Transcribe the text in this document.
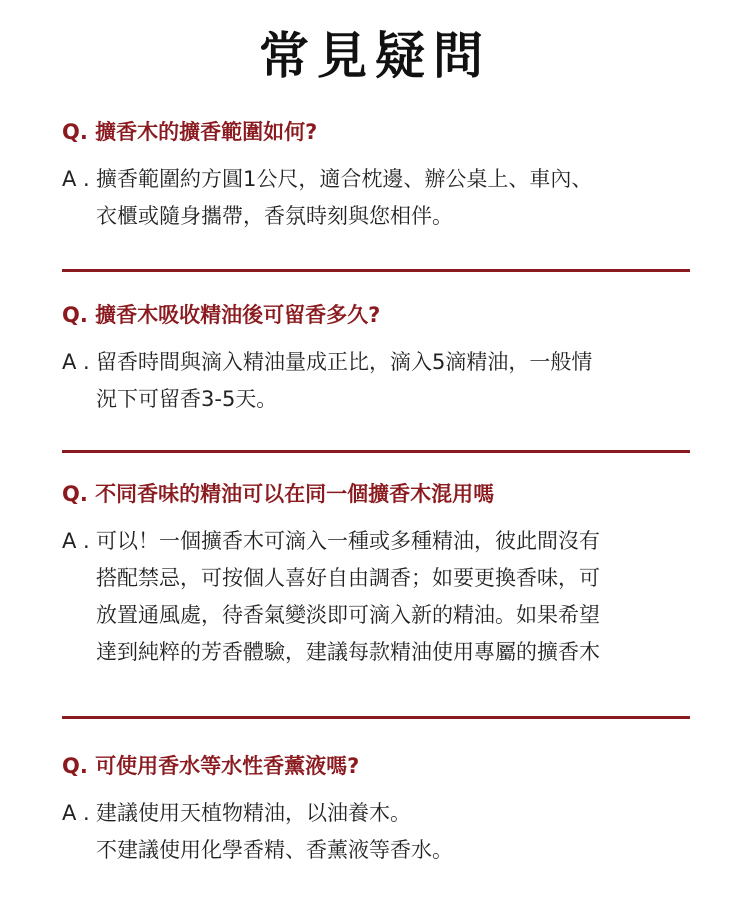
常見疑問
Q. 擴香木的擴香範圍如何?
A . 擴香範圍約方圓1公尺，適合枕邊、辦公桌上、車內、
衣櫃或隨身攜帶，香氛時刻與您相伴。
Q. 擴香木吸收精油後可留香多久?
A . 留香時間與滴入精油量成正比，滴入5滴精油，一般情
況下可留香3-5天。
Q. 不同香味的精油可以在同一個擴香木混用嗎
A . 可以！一個擴香木可滴入一種或多種精油，彼此間沒有
搭配禁忌，可按個人喜好自由調香；如要更換香味，可
放置通風處，待香氣變淡即可滴入新的精油。如果希望
達到純粹的芳香體驗，建議每款精油使用專屬的擴香木
Q. 可使用香水等水性香薰液嗎?
A . 建議使用天植物精油，以油養木。
不建議使用化學香精、香薰液等香水。
